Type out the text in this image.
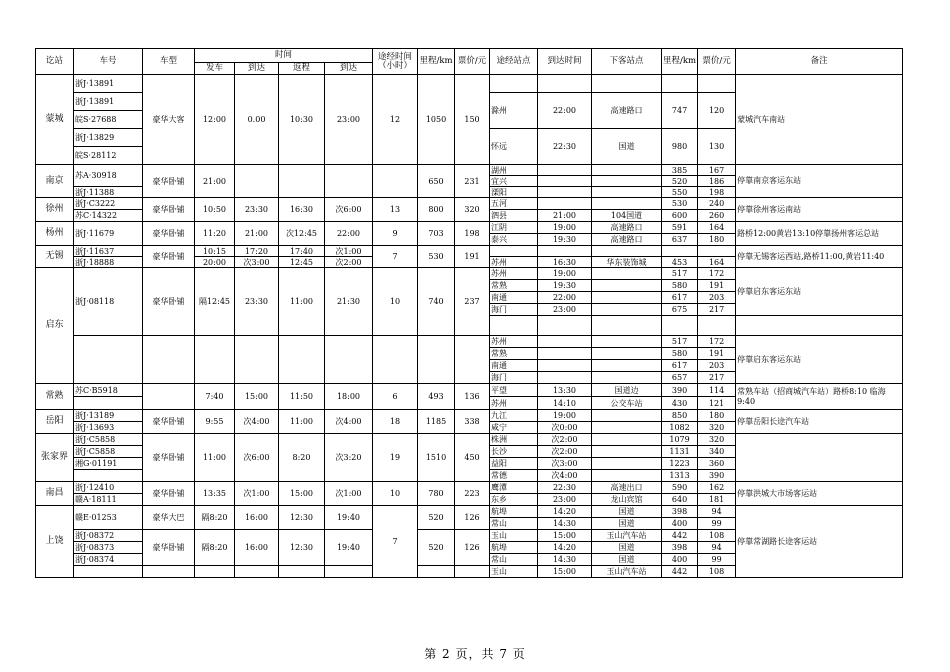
讫站	车号	车型	时间				途经时间（小时）	里程/km	票价/元	途经站点	到达时间	下客站点	里程/km	票价/元	备注
			发车	到达	返程	到达									
蒙城	浙J·13891	豪华大客	12:00	0.00	10:30	23:00	12	1050	150						蒙城汽车南站
	浙J·13891									滁州	22:00	高速路口	747	120	
	皖S·27688														
	浙J·13829									怀远	22:30	国道	980	130	
	皖S·28112														
南京	苏A·30918	豪华卧铺	21:00					650	231	湖州			385	167	停靠南京客运东站
										宜兴			520	186	
	浙J·11388									溧阳			550	198	
徐州	浙J·C3222	豪华卧铺	10:50	23:30	16:30	次6:00	13	800	320	五河			530	240	停靠徐州客运南站
	苏C·14322									泗县	21:00	104国道	600	260	
杨州	浙J·11679	豪华卧铺	11:20	21:00	次12:45	22:00	9	703	198	江阴	19:00	高速路口	591	164	路桥12:00黄岩13:10停靠扬州客运总站
										泰兴	19:30	高速路口	637	180	
无锡	浙J·11637	豪华卧铺	10:15	17:20	17:40	次1:00	7	530	191						停靠无锡客运西站,路桥11:00,黄岩11:40
	浙J·18888		20:00	次3:00	12:45	次2:00				苏州	16:30	华东装饰城	453	164	
启东	浙J·08118	豪华卧铺	隔12:45	23:30	11:00	21:30	10	740	237	苏州	19:00		517	172	停靠启东客运东站
										常熟	19:30		580	191	
										南通	22:00		617	203	
										海门	23:00		675	217	

										苏州			517	172	停靠启东客运东站
										常熟			580	191	
										南通			617	203	
										海门			657	217	
常熟	苏C·B5918		7:40	15:00	11:50	18:00	6	493	136	平望	13:30	国道边	390	114	常熟车站（招商城汽车站）路桥8:10 临海9:40
										苏州	14:10	公交车站	430	121	
岳阳	浙J·13189	豪华卧铺	9:55	次4:00	11:00	次4:00	18	1185	338	九江	19:00		850	180	停靠岳阳长途汽车站
	浙J·13693									咸宁	次0:00		1082	320	
张家界	浙J·C5858	豪华卧铺	11:00	次6:00	8:20	次3:20	19	1510	450	株洲	次2:00		1079	320	
	浙J·C5858									长沙	次2:00		1131	340	
	湘G·01191									益阳	次3:00		1223	360	
										常德	次4:00		1313	390	
南昌	浙J·12410	豪华卧铺	13:35	次1:00	15:00	次1:00	10	780	223	鹰潭	22:30	高速出口	590	162	停靠洪城大市场客运站
	赣A·18111									东乡	23:00	龙山宾馆	640	181	
上饶	赣E·01253	豪华大巴	隔8:20	16:00	12:30	19:40	7	520	126	航埠	14:20	国道	398	94	停靠常湖路长途客运站
										常山	14:30	国道	400	99	
	浙J·08372	豪华卧铺	隔8:20	16:00	12:30	19:40		520	126	玉山	15:00	玉山汽车站	442	108	
	浙J·08373									航埠	14:20	国道	398	94	
	浙J·08374									常山	14:30	国道	400	99	
										玉山	15:00	玉山汽车站	442	108	
第 2 页，共 7 页
